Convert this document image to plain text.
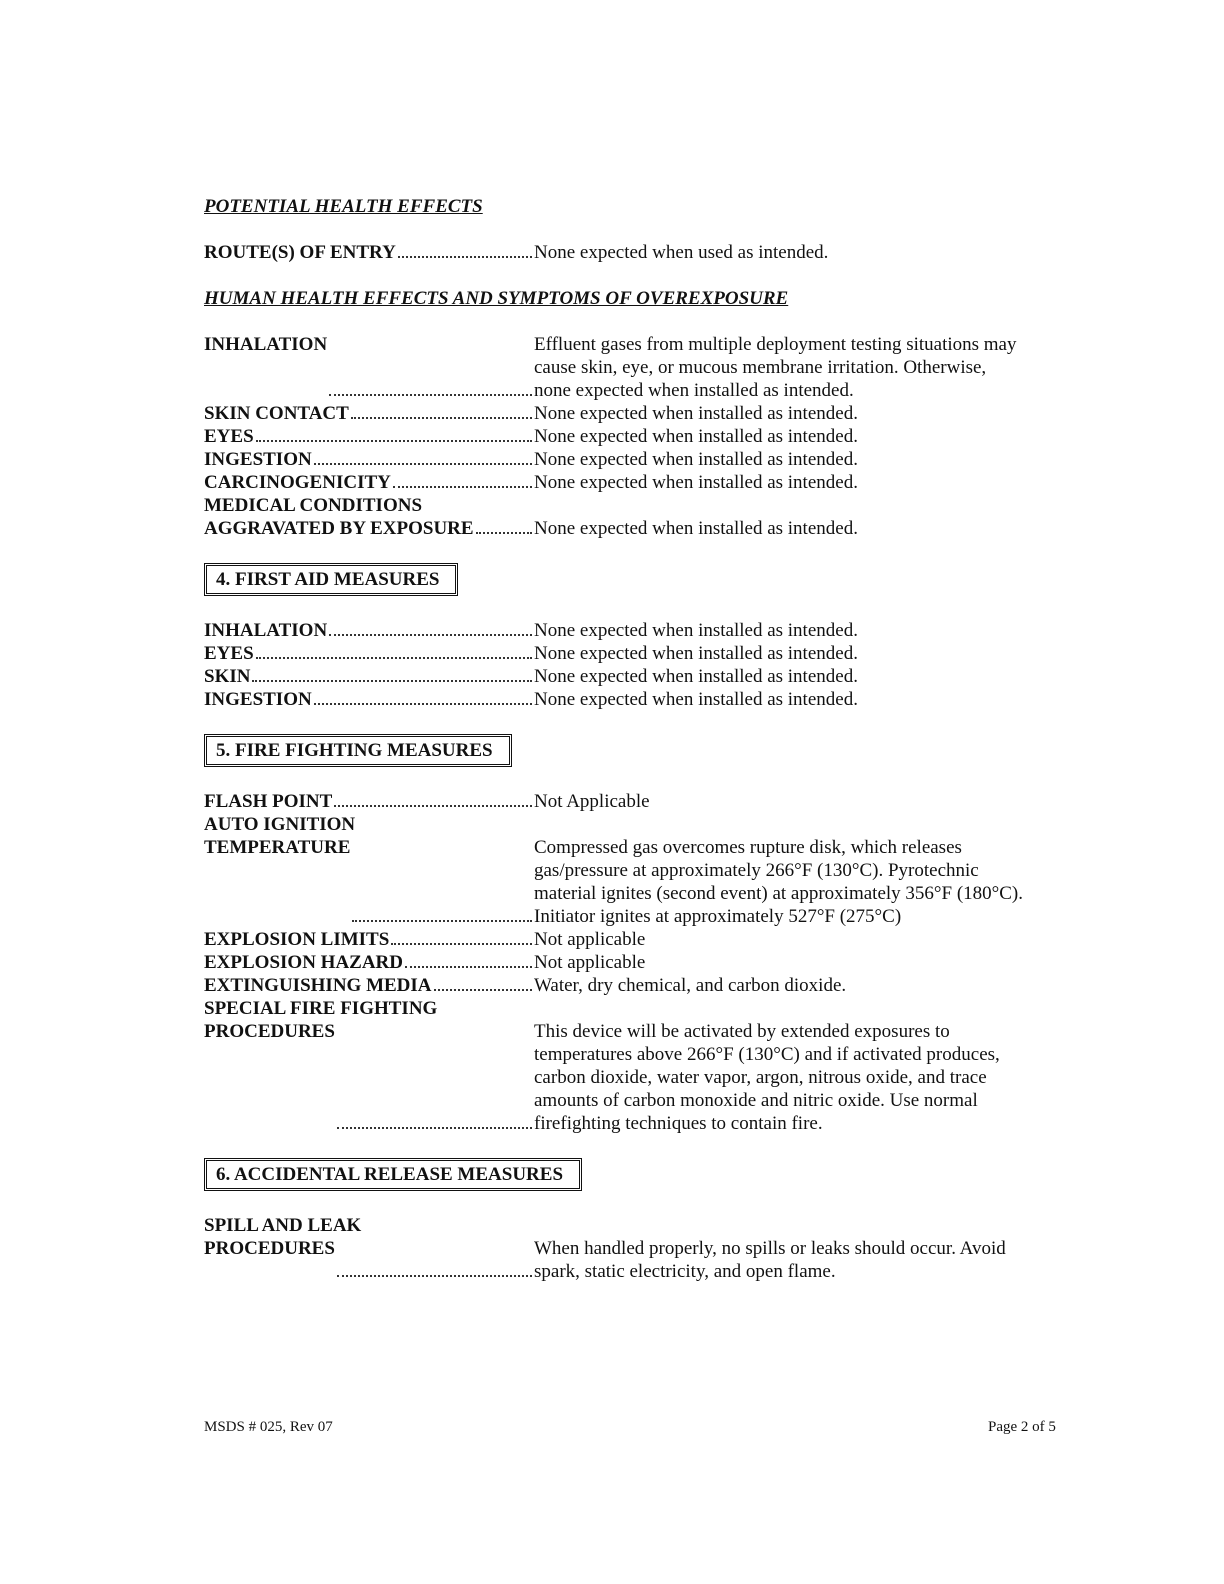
POTENTIAL HEALTH EFFECTS
ROUTE(S) OF ENTRY	None expected when used as intended.
HUMAN HEALTH EFFECTS AND SYMPTOMS OF OVEREXPOSURE
INHALATION	Effluent gases from multiple deployment testing situations may
cause skin, eye, or mucous membrane irritation. Otherwise,
none expected when installed as intended.
SKIN CONTACT	None expected when installed as intended.
EYES	None expected when installed as intended.
INGESTION	None expected when installed as intended.
CARCINOGENICITY	None expected when installed as intended.
MEDICAL CONDITIONS
AGGRAVATED BY EXPOSURE	None expected when installed as intended.
4. FIRST AID MEASURES
INHALATION	None expected when installed as intended.
EYES	None expected when installed as intended.
SKIN	None expected when installed as intended.
INGESTION	None expected when installed as intended.
5. FIRE FIGHTING MEASURES
FLASH POINT	Not Applicable
AUTO IGNITION
TEMPERATURE	Compressed gas overcomes rupture disk, which releases
gas/pressure at approximately 266°F (130°C). Pyrotechnic
material ignites (second event) at approximately 356°F (180°C).
Initiator ignites at approximately 527°F (275°C)
EXPLOSION LIMITS	Not applicable
EXPLOSION HAZARD	Not applicable
EXTINGUISHING MEDIA	Water, dry chemical, and carbon dioxide.
SPECIAL FIRE FIGHTING
PROCEDURES	This device will be activated by extended exposures to
temperatures above 266°F (130°C) and if activated produces,
carbon dioxide, water vapor, argon, nitrous oxide, and trace
amounts of carbon monoxide and nitric oxide. Use normal
firefighting techniques to contain fire.
6. ACCIDENTAL RELEASE MEASURES
SPILL AND LEAK
PROCEDURES	When handled properly, no spills or leaks should occur. Avoid
spark, static electricity, and open flame.
MSDS # 025, Rev 07	Page 2 of 5
